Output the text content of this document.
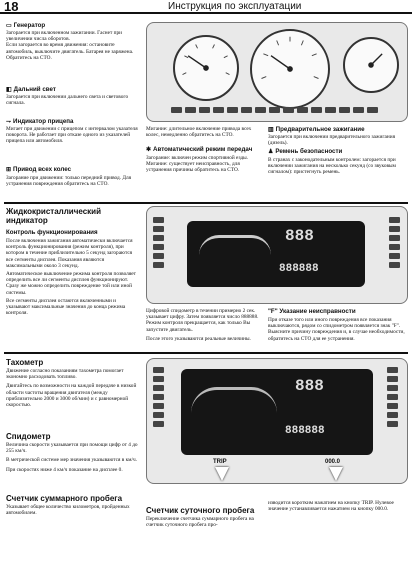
18	Инструкция по эксплуатации
▭ Генератор

Загорается при включенном зажигании. Гаснет при увеличении числа оборотов.

Если загорается во время движения: остановите автомобиль, выключите двигатель. Батарея не заряжена. Обратитесь на СТО.

◧ Дальний свет
Загорается при включении дальнего света и светового сигнала.
⇁ Индикатор прицепа
Мигает при движении с прицепом с интервалом указателя поворота. Не работает при отказе одного из указателей прицепа или автомобиля.
⊞ Привод всех колес
Загорание при движении: только передний привод. Для устранения повреждения обратитесь на СТО.
Мигание: длительное включение привода всех колес, немедленно обратитесь на СТО.
✱ Автоматический режим передач

Загорание: включен режим спортивной езды.

Мигание: существует неисправность, для устранения причины обратитесь на СТО.

▥ Предварительное зажигание
Загорается при включении предварительного зажигания (дизель).
♟ Ремень безопасности
В странах с законодательным контролем: загорается при включении зажигания на несколько секунд (со звуковым сигналом): пристегнуть ремень.
Жидкокристаллический индикатор
Контроль функционирования

После включения зажигания автоматически включается контроль функционирования (режим контроля), при котором в течение приблизительно 5 секунд загораются все сегменты дисплея. Показания являются максимальными около 3 секунд.

Автоматическое выключение режима контроля позволяет определить все ли сегменты дисплея функционируют. Сразу же можно определить повреждение той или иной системы.

Все сегменты дисплея остаются включенными и указывают максимальные значения до конца режима контроля.

888
888888

Цифровой спидометр в течении примерно 2 сек. указывает цифру. Затем появляется число 888888. Режим контроля прекращается, как только Вы запустите двигатель.

После этого указываются реальные величины.

"F" Указание неисправности
При отказе того или иного повреждения все показания выключаются, рядом со спидометром появляется знак "F". Выясните причину повреждения и, в случае необходимости, обратитесь на СТО для ее устранения.
Тахометр

Движение согласно показаниям тахометра помогает экономно расходовать топливо.

Двигайтесь по возможности на каждой передаче в низкой области частоты вращения двигателя (между приблизительно 2000 и 3000 об/мин) и с равномерной скоростью.

Спидометр

Величина скорости указывается при помощи цифр от 4 до 255 км/ч.

В метрической системе мер значения указываются в км/ч.

При скоростях ниже 4 км/ч показание на дисплее 0.

Счетчик суммарного пробега
Указывает общее количество километров, пройденных автомобилем.
888
888888
TRIP	000.0
Счетчик суточного пробега
Переключение счетчика суммарного пробега на счетчик суточного пробега про-
изводится коротким нажатием на кнопку TRIP. Нулевое значение устанавливается нажатием на кнопку 000.0.
